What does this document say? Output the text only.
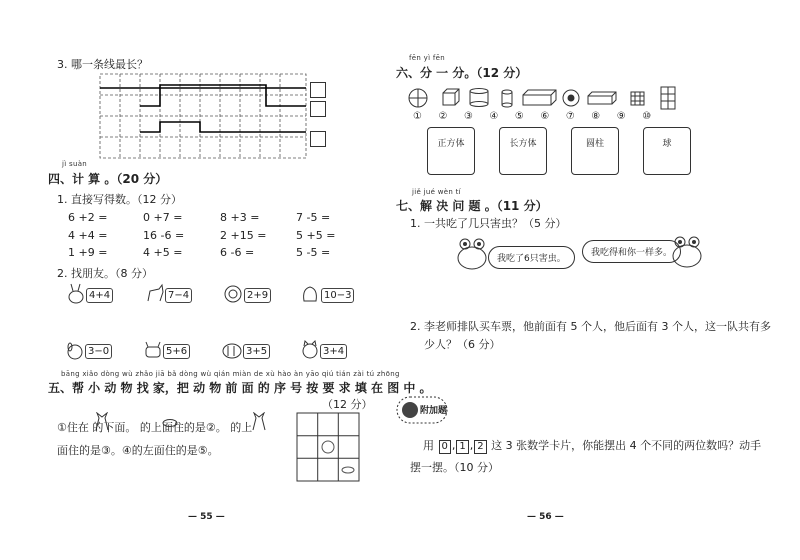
3. 哪一条线最长？
jì suàn
四、计 算 。（20 分）
1. 直接写得数。（12 分）
6 +2 =	0 +7 =	8 +3 =	7 -5 =
4 +4 =	16 -6 =	2 +15 =	5 +5 =
1 +9 =	4 +5 =	6 -6 =	5 -5 =
2. 找朋友。（8 分）
4+4	7−4	2+9	10−3
3−0	5+6	3+5	3+4
bāng xiǎo dòng wù zhǎo jiā bǎ dòng wù qián miàn de xù hào àn yāo qiú tián zài tú zhōng
五、帮 小 动 物 找 家，把 动 物 前 面 的 序 号 按 要 求 填 在 图 中 。
（12 分）
①住在 的下面。 的上面住的是②。 的上
面住的是③。④的左面住的是⑤。
— 55 —
fēn yì fēn
六、分 一 分。（12 分）
①②③④⑤⑥⑦⑧⑨⑩
正方体	长方体	圆柱	球
jiě jué wèn tí
七、解 决 问 题 。（11 分）
1. 一共吃了几只害虫？（5 分）
我吃了6只害虫。
我吃得和你一样多。
2. 李老师排队买车票，他前面有 5 个人，他后面有 3 个人，这一队共有多
少人？（6 分）
附加题
用 0 , 1 , 2 这 3 张数学卡片，你能摆出 4 个不同的两位数吗？动手
摆一摆。（10 分）
— 56 —
